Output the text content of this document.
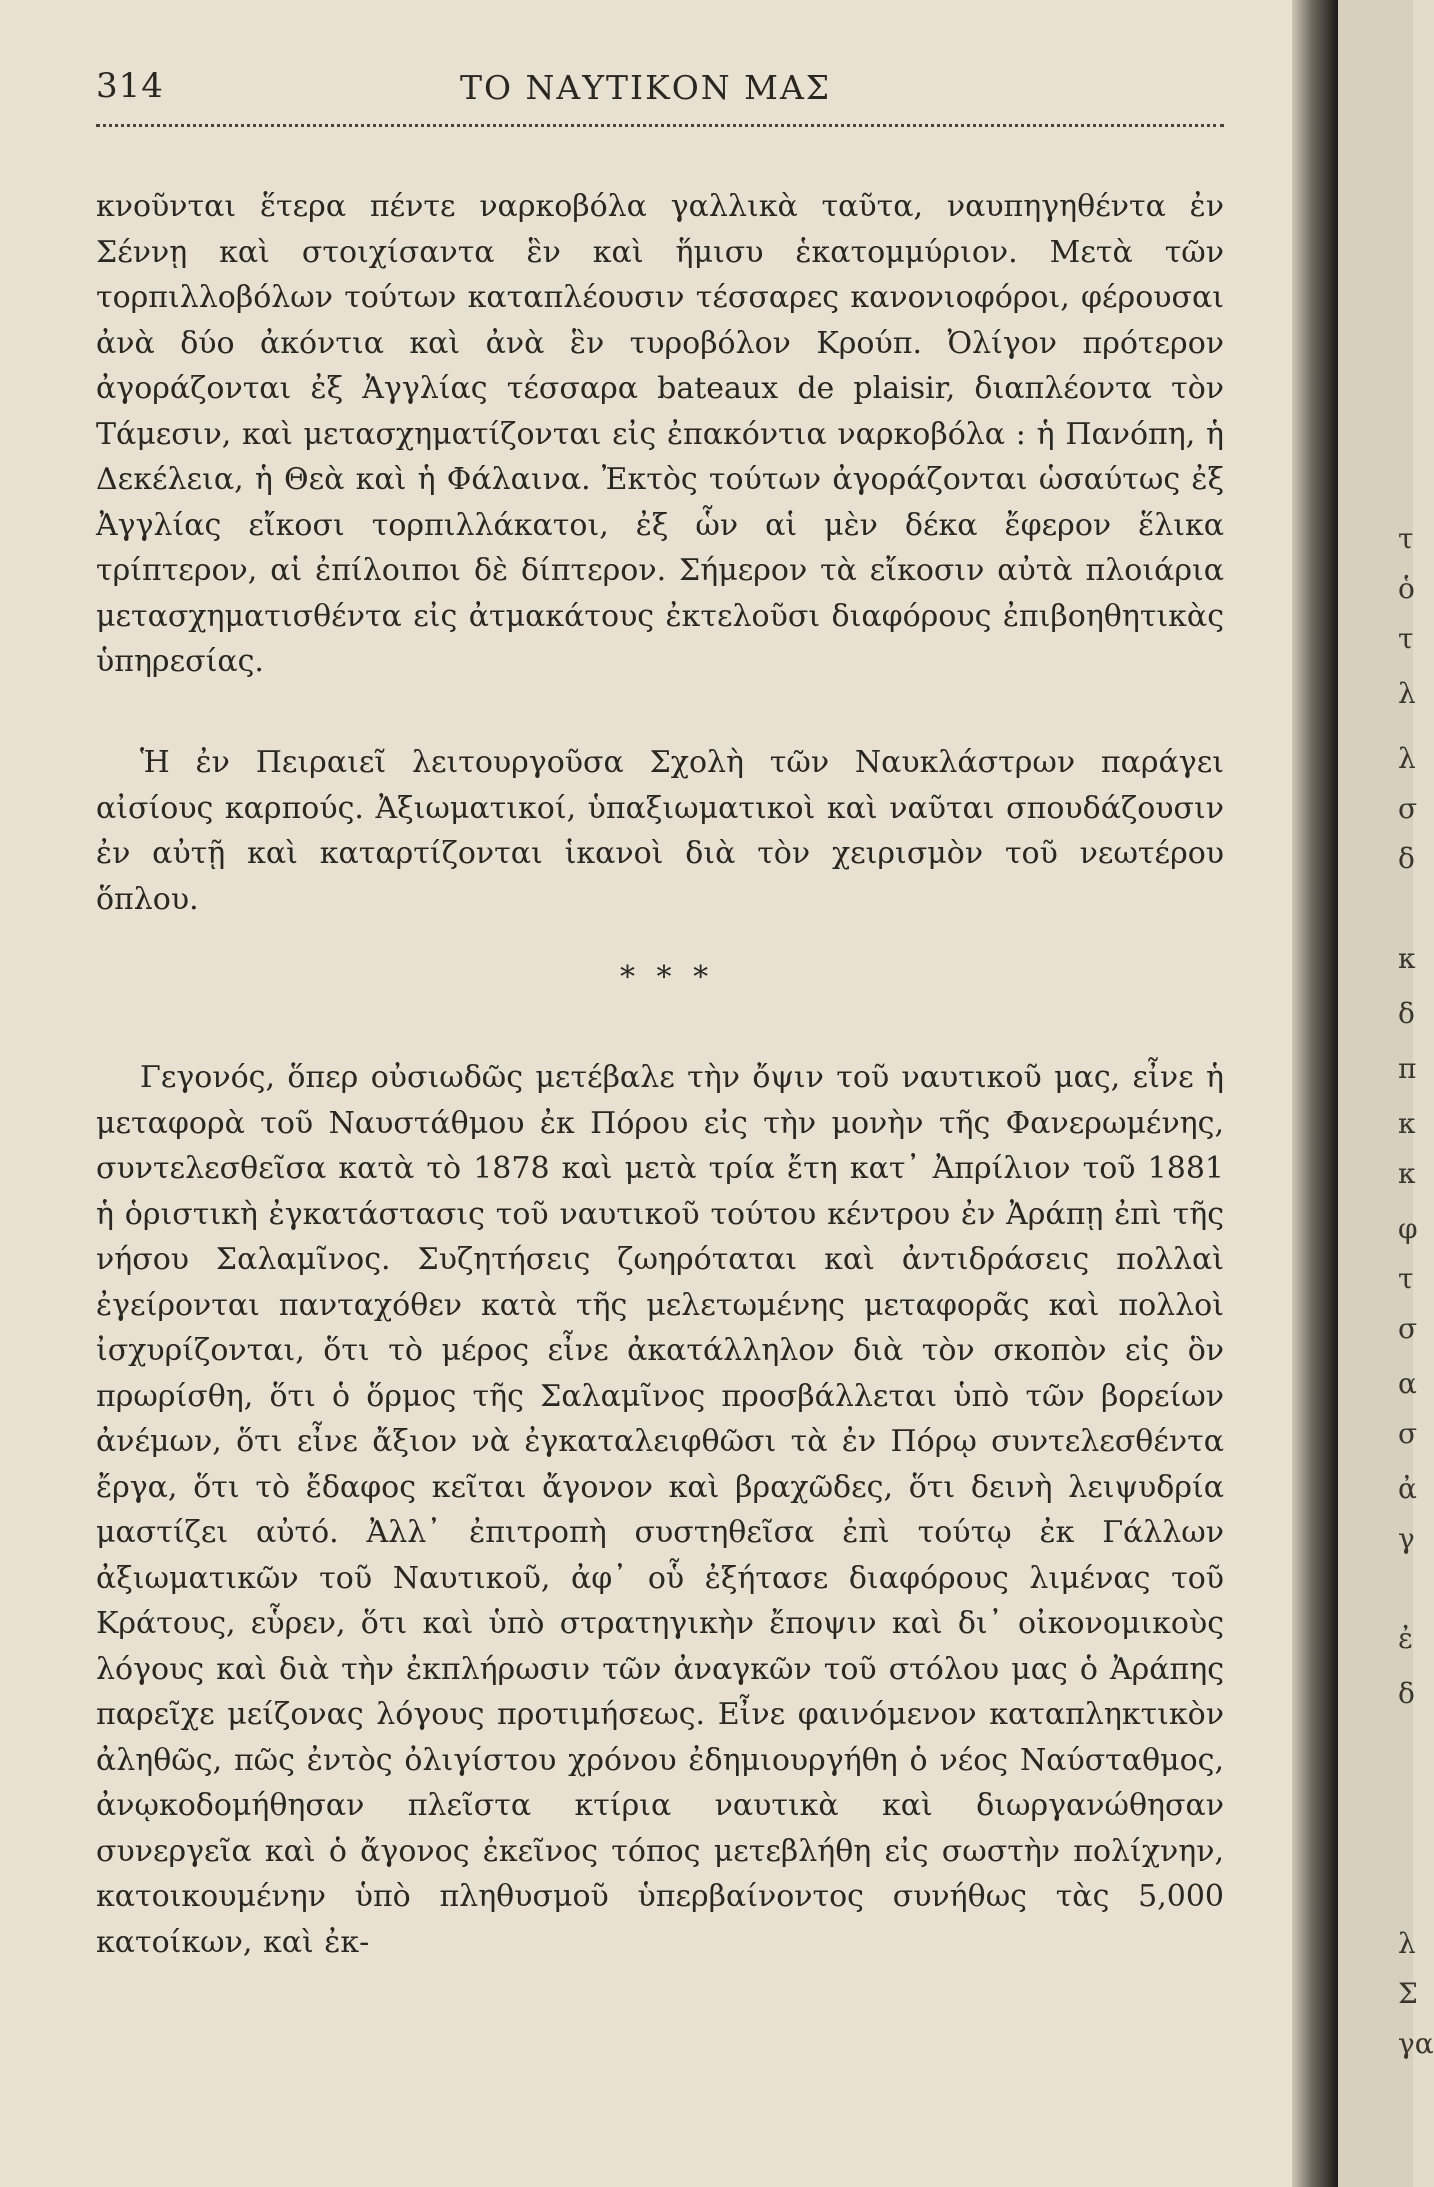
314	ΤΟ ΝΑΥΤΙΚΟΝ ΜΑΣ

κνοῦνται ἕτερα πέντε ναρκοβόλα γαλλικὰ ταῦτα, ναυπηγηθέντα ἐν Σέννῃ καὶ στοιχίσαντα ἓν καὶ ἥμισυ ἑκατομμύριον. Μετὰ τῶν τορπιλλοβόλων τούτων καταπλέουσιν τέσσαρες κανονιοφόροι, φέρουσαι ἀνὰ δύο ἀκόντια καὶ ἀνὰ ἓν τυροβόλον Κρούπ. Ὀλίγον πρότερον ἀγοράζονται ἐξ Ἀγγλίας τέσσαρα bateaux de plaisir, διαπλέοντα τὸν Τάμεσιν, καὶ μετασχηματίζονται εἰς ἐπακόντια ναρκοβόλα : ἡ Πανόπη, ἡ Δεκέλεια, ἡ Θεὰ καὶ ἡ Φάλαινα. Ἐκτὸς τούτων ἀγοράζονται ὡσαύτως ἐξ Ἀγγλίας εἴκοσι τορπιλλάκατοι, ἐξ ὧν αἱ μὲν δέκα ἔφερον ἕλικα τρίπτερον, αἱ ἐπίλοιποι δὲ δίπτερον. Σήμερον τὰ εἴκοσιν αὐτὰ πλοιάρια μετασχηματισθέντα εἰς ἀτμακάτους ἐκτελοῦσι διαφόρους ἐπιβοηθητικὰς ὑπηρεσίας.

Ἡ ἐν Πειραιεῖ λειτουργοῦσα Σχολὴ τῶν Ναυκλάστρων παράγει αἰσίους καρπούς. Ἀξιωματικοί, ὑπαξιωματικοὶ καὶ ναῦται σπουδάζουσιν ἐν αὐτῇ καὶ καταρτίζονται ἱκανοὶ διὰ τὸν χειρισμὸν τοῦ νεωτέρου ὅπλου.

* * *

Γεγονός, ὅπερ οὐσιωδῶς μετέβαλε τὴν ὄψιν τοῦ ναυτικοῦ μας, εἶνε ἡ μεταφορὰ τοῦ Ναυστάθμου ἐκ Πόρου εἰς τὴν μονὴν τῆς Φανερωμένης, συντελεσθεῖσα κατὰ τὸ 1878 καὶ μετὰ τρία ἔτη κατ᾿ Ἀπρίλιον τοῦ 1881 ἡ ὁριστικὴ ἐγκατάστασις τοῦ ναυτικοῦ τούτου κέντρου ἐν Ἀράπῃ ἐπὶ τῆς νήσου Σαλαμῖνος. Συζητήσεις ζωηρόταται καὶ ἀντιδράσεις πολλαὶ ἐγείρονται πανταχόθεν κατὰ τῆς μελετωμένης μεταφορᾶς καὶ πολλοὶ ἰσχυρίζονται, ὅτι τὸ μέρος εἶνε ἀκατάλληλον διὰ τὸν σκοπὸν εἰς ὃν πρωρίσθη, ὅτι ὁ ὅρμος τῆς Σαλαμῖνος προσβάλλεται ὑπὸ τῶν βορείων ἀνέμων, ὅτι εἶνε ἄξιον νὰ ἐγκαταλειφθῶσι τὰ ἐν Πόρῳ συντελεσθέντα ἔργα, ὅτι τὸ ἔδαφος κεῖται ἄγονον καὶ βραχῶδες, ὅτι δεινὴ λειψυδρία μαστίζει αὐτό. Ἀλλ᾿ ἐπιτροπὴ συστηθεῖσα ἐπὶ τούτῳ ἐκ Γάλλων ἀξιωματικῶν τοῦ Ναυτικοῦ, ἀφ᾿ οὗ ἐξήτασε διαφόρους λιμένας τοῦ Κράτους, εὗρεν, ὅτι καὶ ὑπὸ στρατηγικὴν ἔποψιν καὶ δι᾿ οἰκονομικοὺς λόγους καὶ διὰ τὴν ἐκπλήρωσιν τῶν ἀναγκῶν τοῦ στόλου μας ὁ Ἀράπης παρεῖχε μείζονας λόγους προτιμήσεως. Εἶνε φαινόμενον καταπληκτικὸν ἀληθῶς, πῶς ἐντὸς ὀλιγίστου χρόνου ἐδημιουργήθη ὁ νέος Ναύσταθμος, ἀνῳκοδομήθησαν πλεῖστα κτίρια ναυτικὰ καὶ διωργανώθησαν συνεργεῖα καὶ ὁ ἄγονος ἐκεῖνος τόπος μετεβλήθη εἰς σωστὴν πολίχνην, κατοικουμένην ὑπὸ πληθυσμοῦ ὑπερβαίνοντος συνήθως τὰς 5,000 κατοίκων, καὶ ἐκ-

τ
ὁ
τ
λ
λ
σ
δ
κ
δ
π
κ
κ
φ
τ
σ
α
σ
ἀ
γ
ἐ
δ
λ
Σ
γα
